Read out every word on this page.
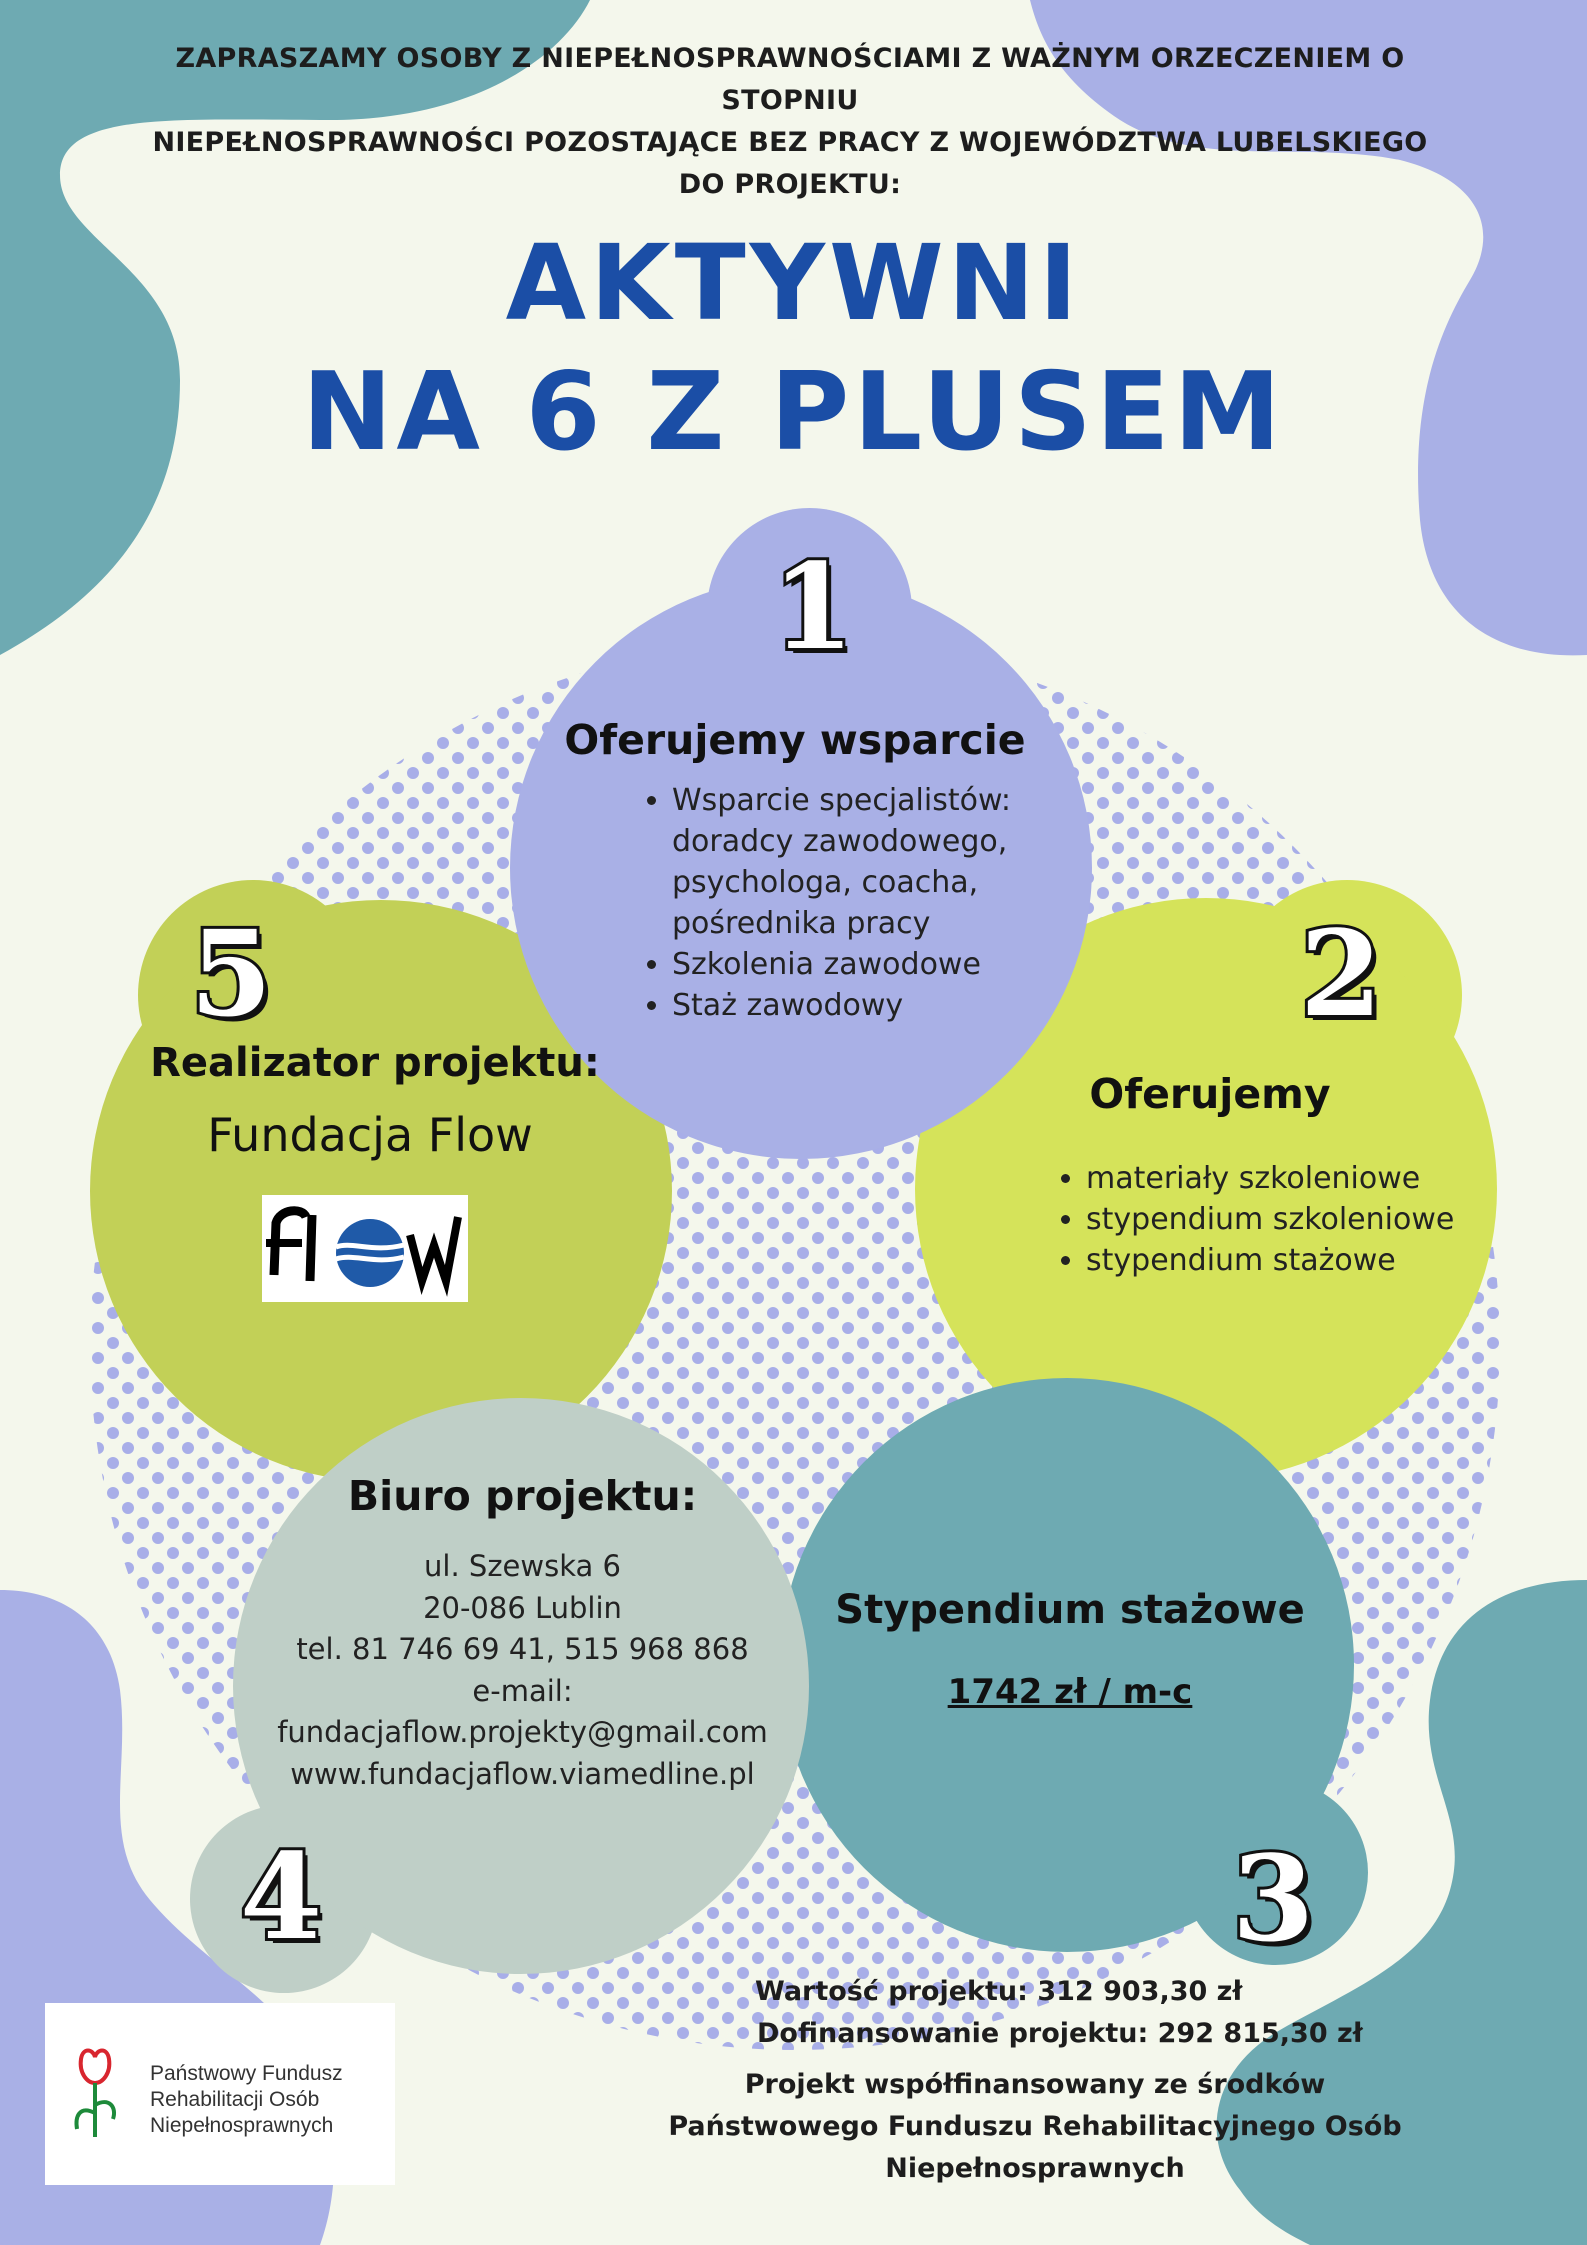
ZAPRASZAMY OSOBY Z NIEPEŁNOSPRAWNOŚCIAMI Z WAŻNYM ORZECZENIEM O STOPNIU
NIEPEŁNOSPRAWNOŚCI POZOSTAJĄCE BEZ PRACY Z WOJEWÓDZTWA LUBELSKIEGO
DO PROJEKTU:
AKTYWNI
NA 6 Z PLUSEM
1
2
3
4
5
Oferujemy wsparcie
• Wsparcie specjalistów: doradcy zawodowego, psychologa, coacha, pośrednika pracy
• Szkolenia zawodowe
• Staż zawodowy
Oferujemy
• materiały szkoleniowe
• stypendium szkoleniowe
• stypendium stażowe
Realizator projektu:
Fundacja Flow
Biuro projektu:
ul. Szewska 6
20-086 Lublin
tel. 81 746 69 41, 515 968 868
e-mail:
fundacjaflow.projekty@gmail.com
www.fundacjaflow.viamedline.pl
Stypendium stażowe
1742 zł / m-c
Wartość projektu: 312 903,30 zł
Dofinansowanie projektu: 292 815,30 zł
Projekt współfinansowany ze środków
Państwowego Funduszu Rehabilitacyjnego Osób
Niepełnosprawnych
Państwowy Fundusz
Rehabilitacji Osób
Niepełnosprawnych
